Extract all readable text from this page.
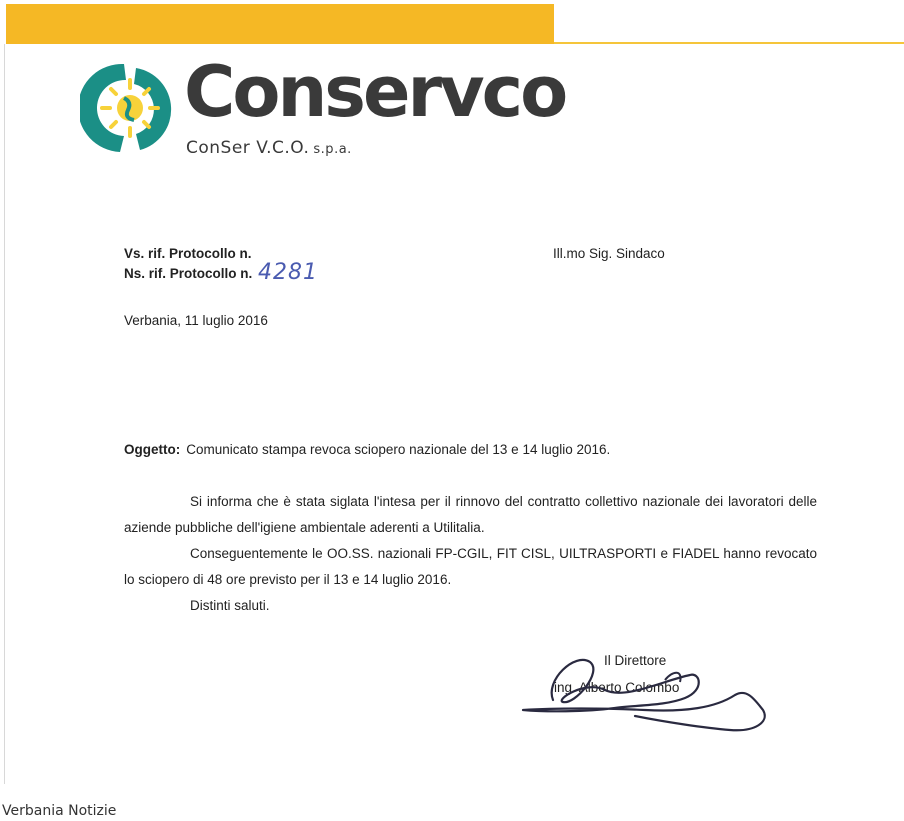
Conservco
ConSer V.C.O. s.p.a.
Vs. rif. Protocollo n.
Ns. rif. Protocollo n. 4281
Ill.mo Sig. Sindaco
Verbania, 11 luglio 2016
Oggetto: Comunicato stampa revoca sciopero nazionale del 13 e 14 luglio 2016.
Si informa che è stata siglata l'intesa per il rinnovo del contratto collettivo nazionale dei lavoratori delle aziende pubbliche dell'igiene ambientale aderenti a Utilitalia.
Conseguentemente le OO.SS. nazionali FP-CGIL, FIT CISL, UILTRASPORTI e FIADEL hanno revocato lo sciopero di 48 ore previsto per il 13 e 14 luglio 2016.
Distinti saluti.
Il Direttore
ing. Alberto Colombo
Verbania Notizie
